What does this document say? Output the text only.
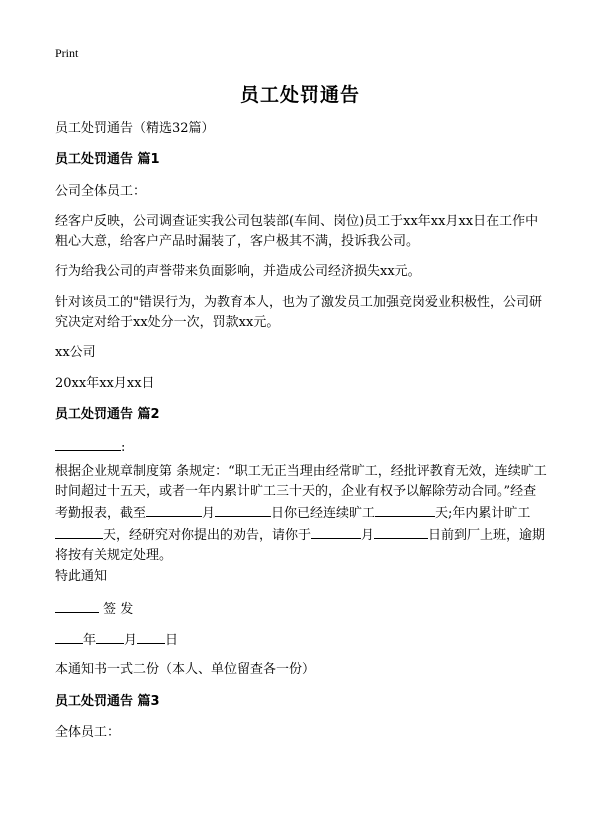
Print
员工处罚通告
员工处罚通告（精选32篇）
员工处罚通告 篇1
公司全体员工：
经客户反映，公司调查证实我公司包装部(车间、岗位)员工于xx年xx月xx日在工作中粗心大意，给客户产品时漏装了，客户极其不满，投诉我公司。
行为给我公司的声誉带来负面影响，并造成公司经济损失xx元。
针对该员工的"错误行为，为教育本人，也为了激发员工加强竞岗爱业积极性，公司研究决定对给于xx处分一次，罚款xx元。
xx公司
20xx年xx月xx日
员工处罚通告 篇2
:
根据企业规章制度第 条规定：“职工无正当理由经常旷工，经批评教育无效，连续旷工时间超过十五天，或者一年内累计旷工三十天的，企业有权予以解除劳动合同。”经查考勤报表，截至	月	日你已经连续旷工	天;年内累计旷工天，经研究对你提出的劝告，请你于	月	日前到厂上班，逾期将按有关规定处理。
特此通知
签 发
年 月 日
本通知书一式二份（本人、单位留查各一份）
员工处罚通告 篇3
全体员工：
